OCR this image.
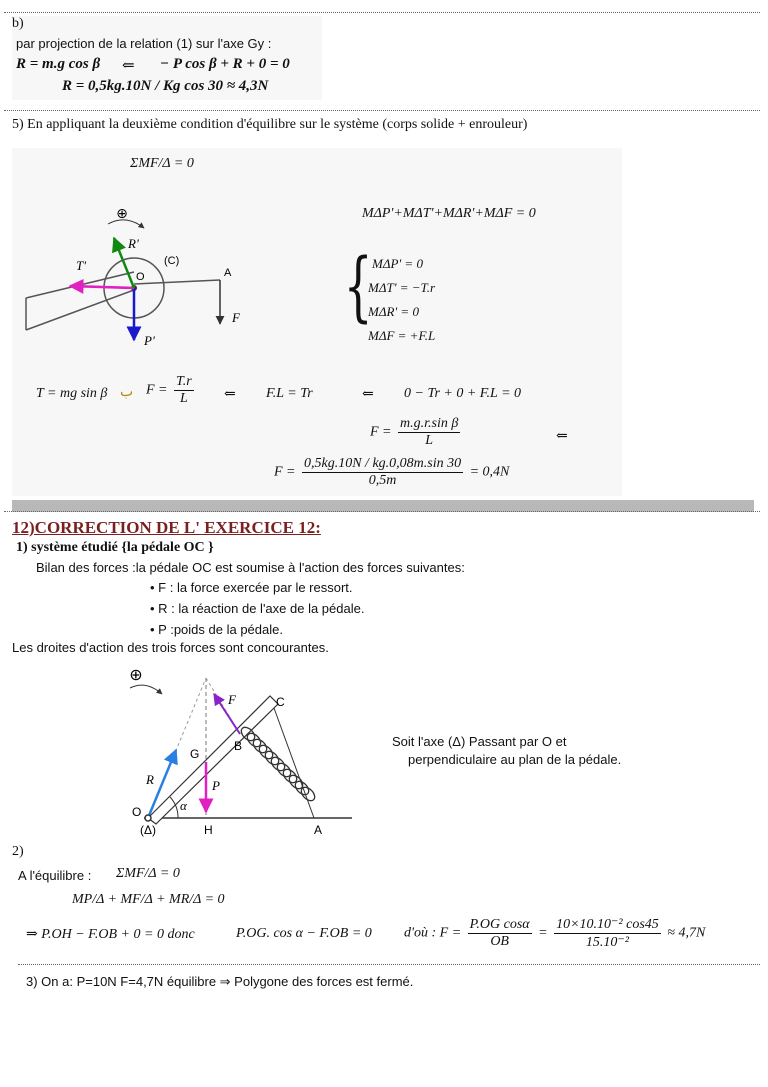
b)
par projection de la relation (1) sur l'axe Gy :
R = m.g cos β ⇐ − P cos β + R + 0 = 0
R = 0,5kg.10N / Kg cos 30 ≈ 4,3N
5) En appliquant la deuxième condition d'équilibre sur le système (corps solide + enrouleur)
ΣMF/Δ = 0
⊕
T'
R'
O
(C)
A
F
P'
MΔP'+MΔT'+MΔR'+MΔF = 0
{ MΔP' = 0
MΔT' = −T.r
MΔR' = 0
MΔF = +F.L
T = mg sin β ب $F = \frac{T.r}{L}$ ⇐ F.L = Tr	⇐ 0 − Tr + 0 + F.L = 0
$F = \frac{\text{m.g.r.sin β}}{L}$	⇐
$F = \frac{0,5kg.10N / kg.0,08m.\sin 30}{0,5m} = 0,4N$
12)CORRECTION DE L' EXERCICE 12:
1) système étudié {la pédale OC }
Bilan des forces :la pédale OC est soumise à l'action des forces suivantes:
• F : la force exercée par le ressort.
• R : la réaction de l'axe de la pédale.
• P :poids de la pédale.
Les droites d'action des trois forces sont concourantes.
⊕
F	C
B
G
R	P
O	α
(Δ)	H	A
Soit l'axe (Δ) Passant par O et
perpendiculaire au plan de la pédale.
2)
A l'équilibre : ΣMF/Δ = 0
MP/Δ + MF/Δ + MR/Δ = 0
⇒ P.OH − F.OB + 0 = 0 donc	P.OG. cos α − F.OB = 0 d'où : $F = \frac{\text{P.OG cosα}}{OB} = \frac{\text{10×10.10⁻² cos45}}{\text{15.10⁻²}} \approx 4,7N$
3) On a: P=10N F=4,7N équilibre ⇒ Polygone des forces est fermé.
